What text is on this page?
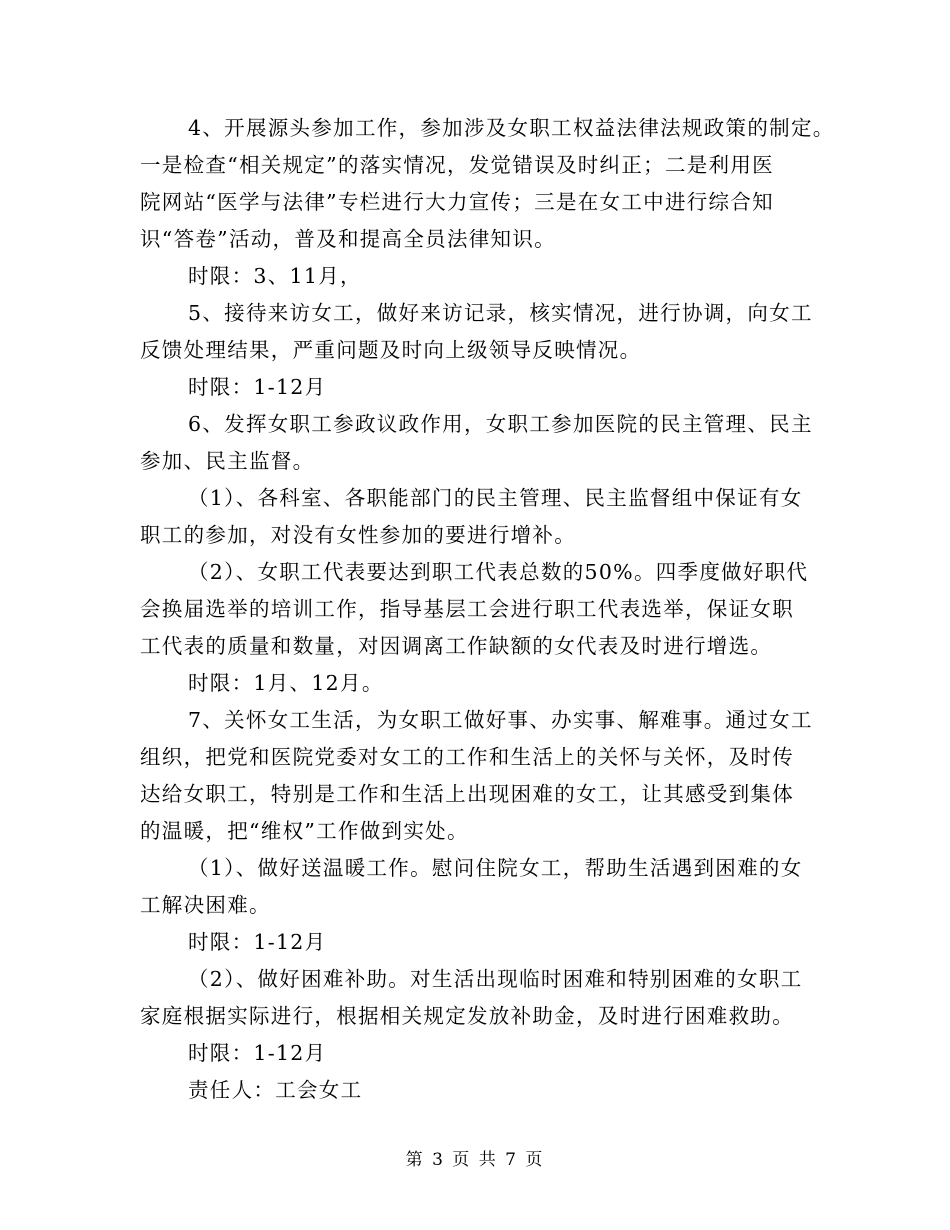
4、开展源头参加工作，参加涉及女职工权益法律法规政策的制定。
一是检查“相关规定”的落实情况，发觉错误及时纠正；二是利用医
院网站“医学与法律”专栏进行大力宣传；三是在女工中进行综合知
识“答卷”活动，普及和提高全员法律知识。
时限：3、11月，
5、接待来访女工，做好来访记录，核实情况，进行协调，向女工
反馈处理结果，严重问题及时向上级领导反映情况。
时限：1-12月
6、发挥女职工参政议政作用，女职工参加医院的民主管理、民主
参加、民主监督。
（1）、各科室、各职能部门的民主管理、民主监督组中保证有女
职工的参加，对没有女性参加的要进行增补。
（2）、女职工代表要达到职工代表总数的50%。四季度做好职代
会换届选举的培训工作，指导基层工会进行职工代表选举，保证女职
工代表的质量和数量，对因调离工作缺额的女代表及时进行增选。
时限：1月、12月。
7、关怀女工生活，为女职工做好事、办实事、解难事。通过女工
组织，把党和医院党委对女工的工作和生活上的关怀与关怀，及时传
达给女职工，特别是工作和生活上出现困难的女工，让其感受到集体
的温暖，把“维权”工作做到实处。
（1）、做好送温暖工作。慰问住院女工，帮助生活遇到困难的女
工解决困难。
时限：1-12月
（2）、做好困难补助。对生活出现临时困难和特别困难的女职工
家庭根据实际进行，根据相关规定发放补助金，及时进行困难救助。
时限：1-12月
责任人：工会女工
第 3 页 共 7 页
